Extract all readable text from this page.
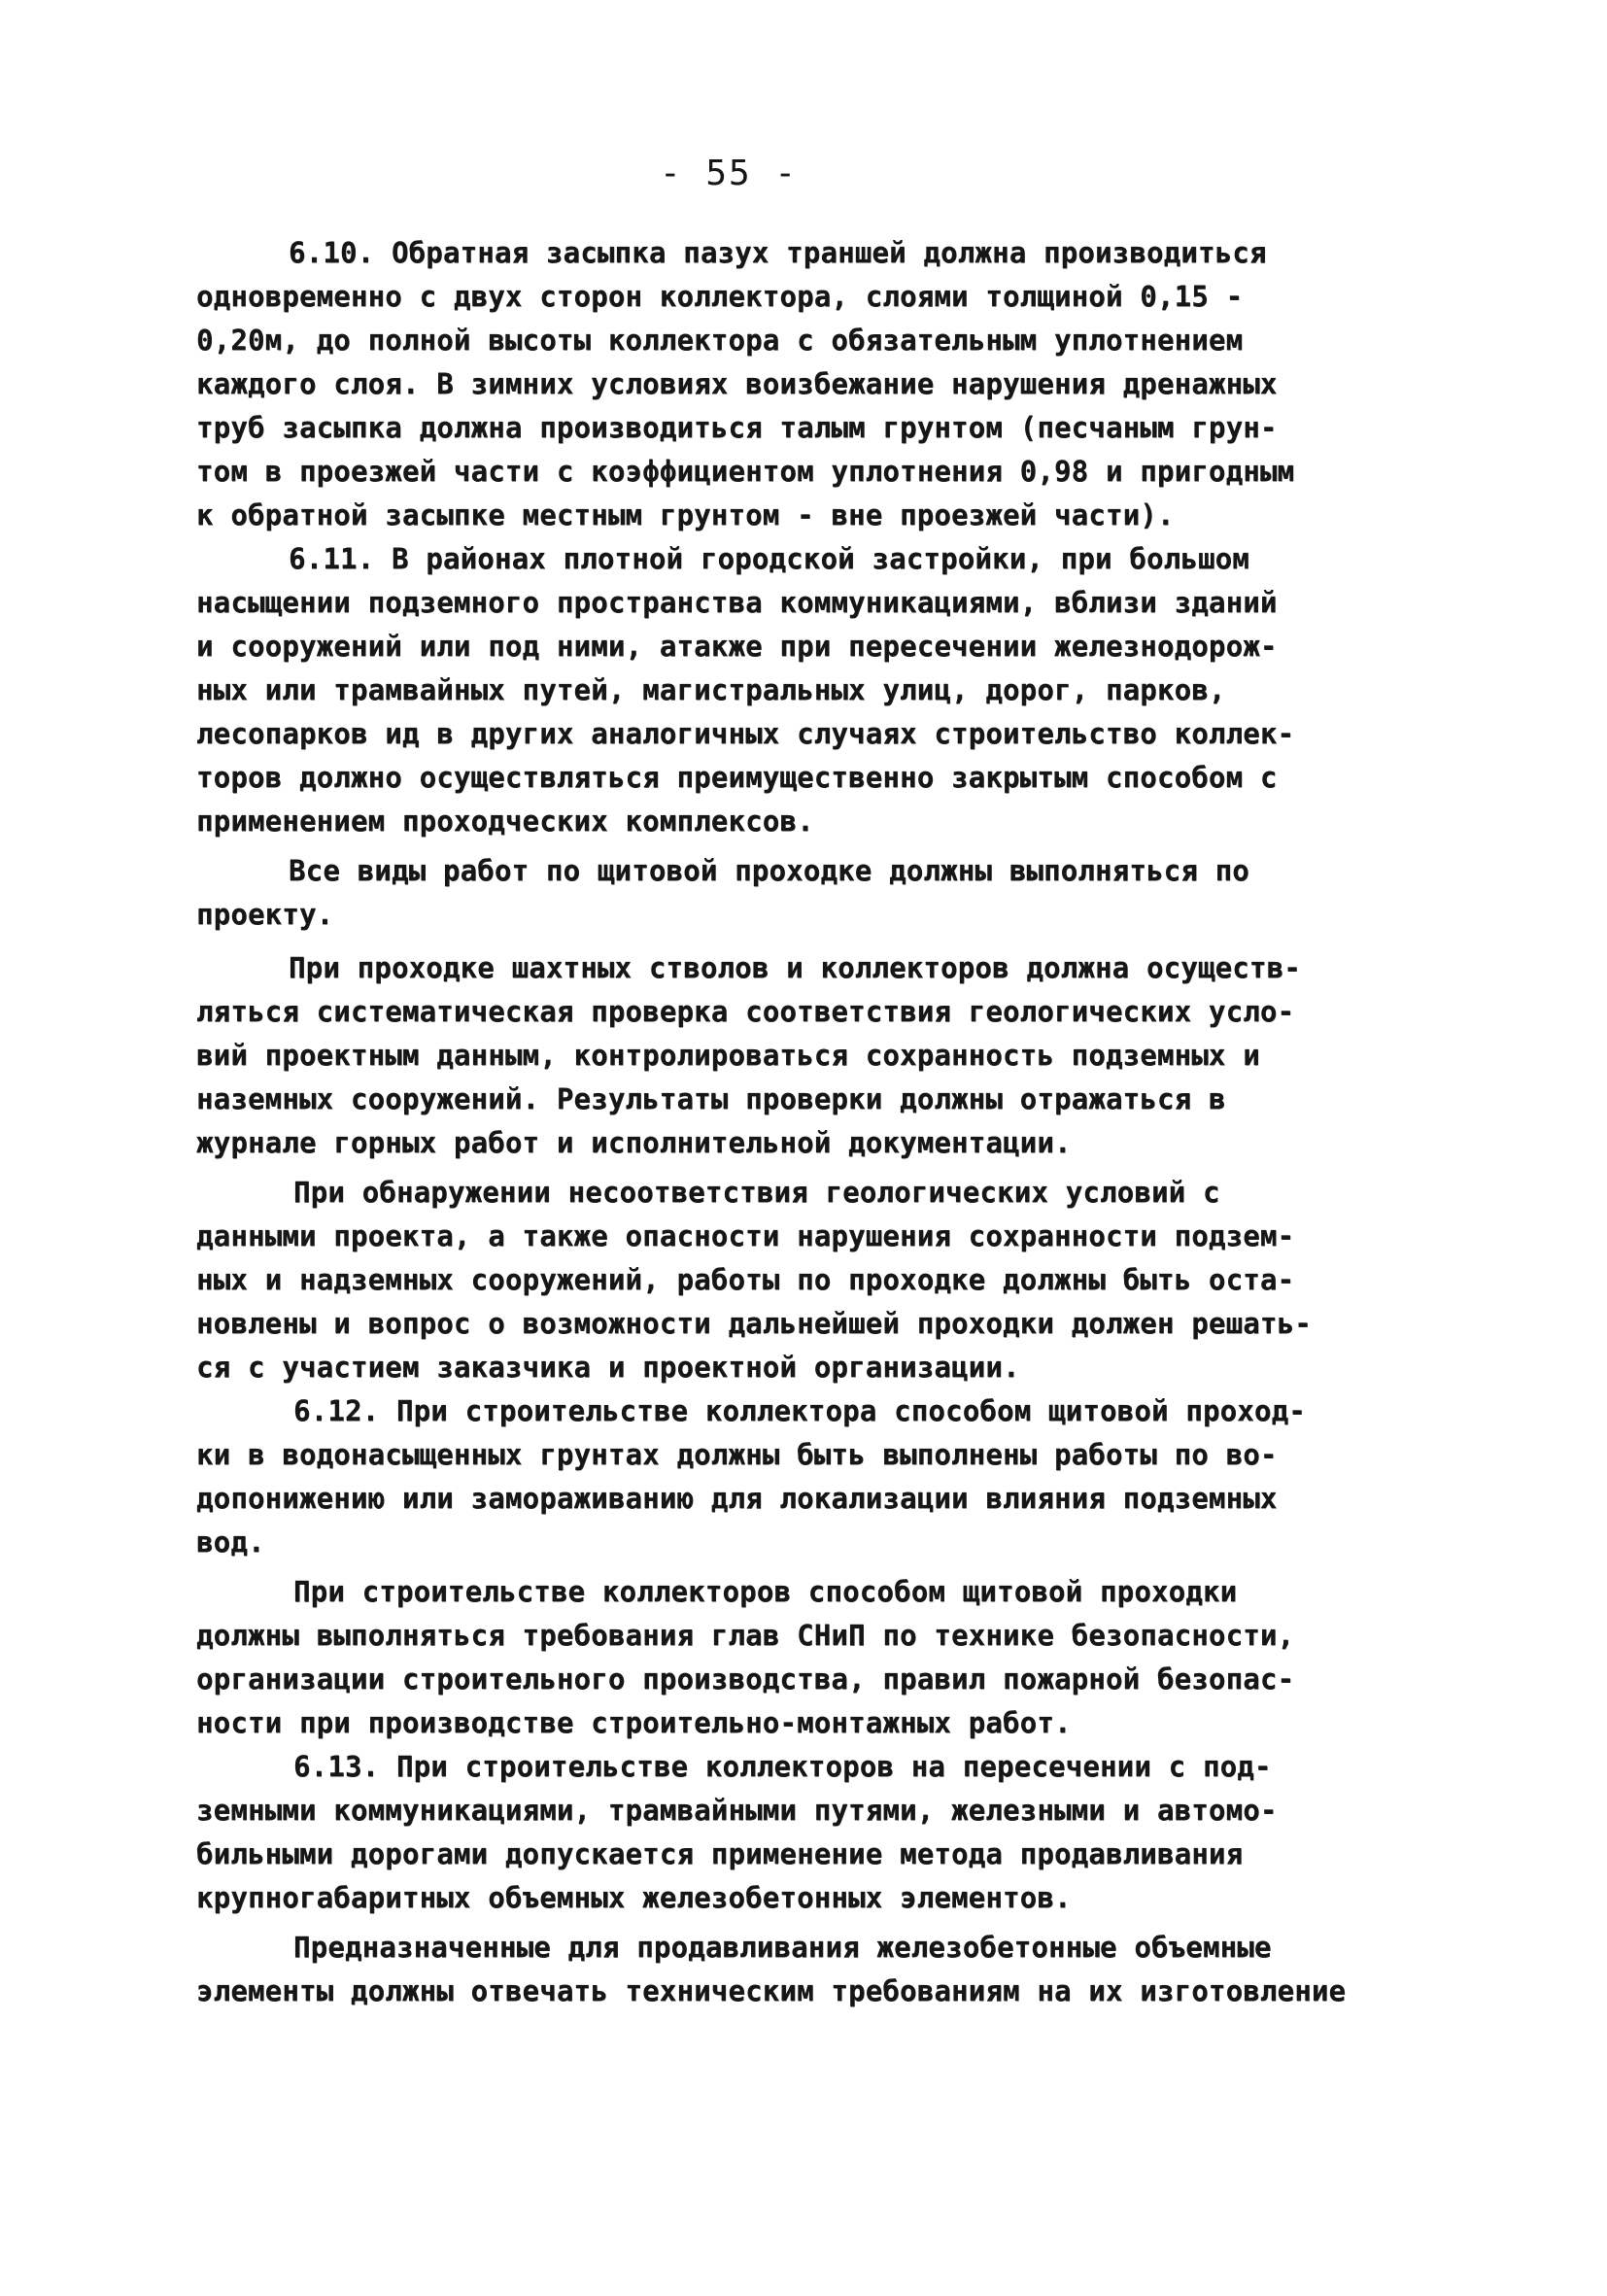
- 55 -
6.10. Обратная засыпка пазух траншей должна производиться
одновременно с двух сторон коллектора, слоями толщиной 0,15 -
0,20м, до полной высоты коллектора с обязательным уплотнением
каждого слоя. В зимних условиях воизбежание нарушения дренажных
труб засыпка должна производиться талым грунтом (песчаным грун-
том в проезжей части с коэффициентом уплотнения 0,98 и пригодным
к обратной засыпке местным грунтом - вне проезжей части).
6.11. В районах плотной городской застройки, при большом
насыщении подземного пространства коммуникациями, вблизи зданий
и сооружений или под ними, атакже при пересечении железнодорож-
ных или трамвайных путей, магистральных улиц, дорог, парков,
лесопарков ид в других аналогичных случаях строительство коллек-
торов должно осуществляться преимущественно закрытым способом с
применением проходческих комплексов.
Все виды работ по щитовой проходке должны выполняться по
проекту.
При проходке шахтных стволов и коллекторов должна осуществ-
ляться систематическая проверка соответствия геологических усло-
вий проектным данным, контролироваться сохранность подземных и
наземных сооружений. Результаты проверки должны отражаться в
журнале горных работ и исполнительной документации.
При обнаружении несоответствия геологических условий с
данными проекта, а также опасности нарушения сохранности подзем-
ных и надземных сооружений, работы по проходке должны быть оста-
новлены и вопрос о возможности дальнейшей проходки должен решать-
ся с участием заказчика и проектной организации.
6.12. При строительстве коллектора способом щитовой проход-
ки в водонасыщенных грунтах должны быть выполнены работы по во-
допонижению или замораживанию для локализации влияния подземных
вод.
При строительстве коллекторов способом щитовой проходки
должны выполняться требования глав СНиП по технике безопасности,
организации строительного производства, правил пожарной безопас-
ности при производстве строительно-монтажных работ.
6.13. При строительстве коллекторов на пересечении с под-
земными коммуникациями, трамвайными путями, железными и автомо-
бильными дорогами допускается применение метода продавливания
крупногабаритных объемных железобетонных элементов.
Предназначенные для продавливания железобетонные объемные
элементы должны отвечать техническим требованиям на их изготовление
